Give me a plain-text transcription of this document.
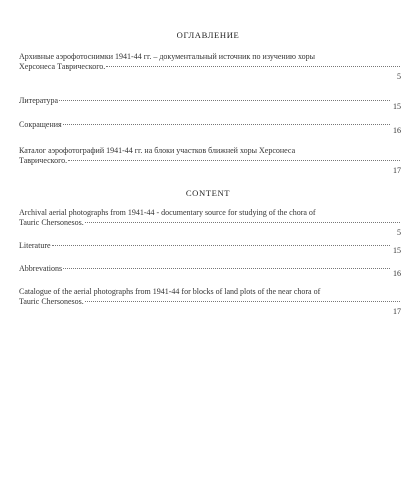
ОГЛАВЛЕНИЕ
Архивные аэрофотоснимки 1941-44 гг. – документальный источник по изучению хоры
Херсонеса Таврического.
5
Литература
15
Сокращения
16
Каталог аэрофотографий 1941-44 гг. на блоки участков ближней хоры Херсонеса
Таврического.
17
CONTENT
Archival aerial photographs from 1941-44 - documentary source for studying of the chora of
Tauric Chersonesos.
5
Literature
15
Abbrevations
16
Catalogue of the aerial photographs from 1941-44 for blocks of land plots of the near chora of
Tauric Chersonesos.
17
